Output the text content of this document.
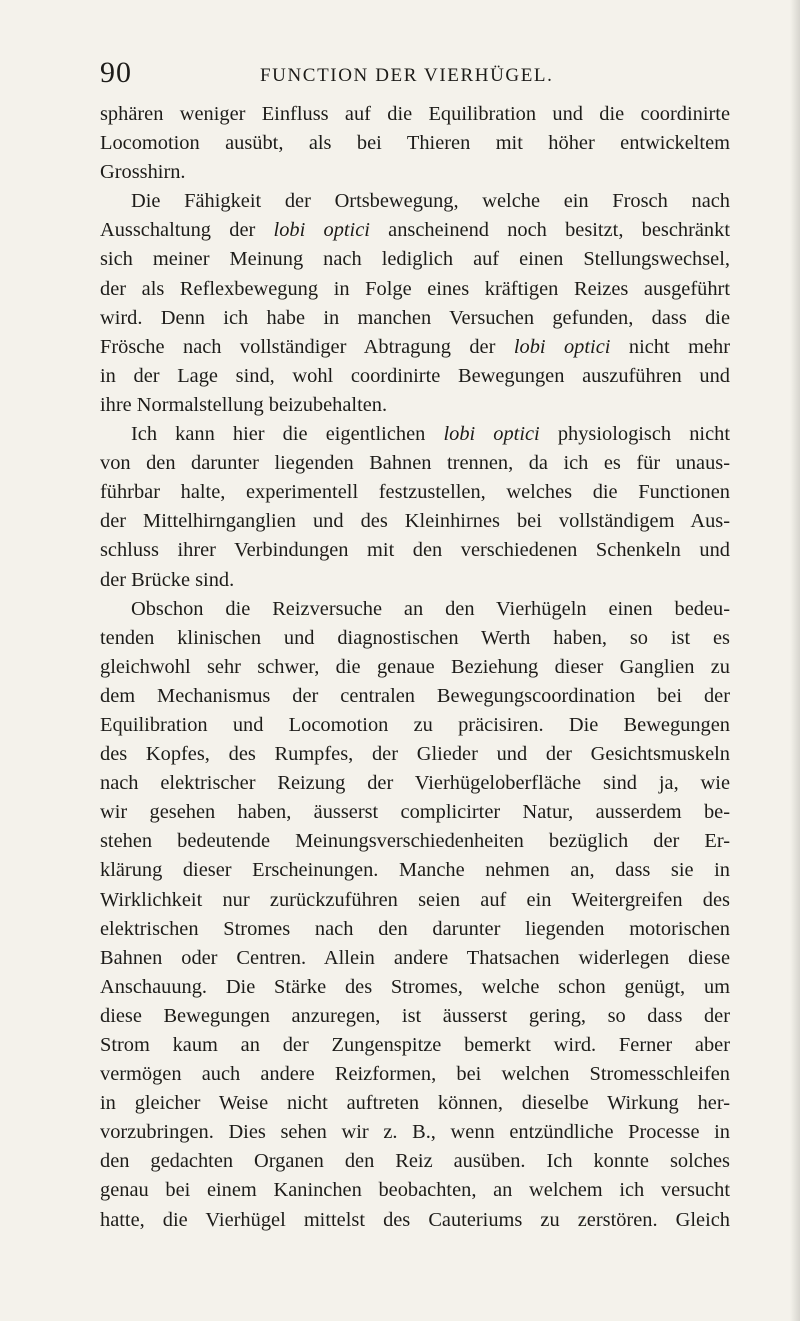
90	FUNCTION DER VIERHÜGEL.
sphären weniger Einfluss auf die Equilibration und die coordinirte
Locomotion ausübt, als bei Thieren mit höher entwickeltem
Grosshirn.
Die Fähigkeit der Ortsbewegung, welche ein Frosch nach
Ausschaltung der lobi optici anscheinend noch besitzt, beschränkt
sich meiner Meinung nach lediglich auf einen Stellungswechsel,
der als Reflexbewegung in Folge eines kräftigen Reizes ausgeführt
wird. Denn ich habe in manchen Versuchen gefunden, dass die
Frösche nach vollständiger Abtragung der lobi optici nicht mehr
in der Lage sind, wohl coordinirte Bewegungen auszuführen und
ihre Normalstellung beizubehalten.
Ich kann hier die eigentlichen lobi optici physiologisch nicht
von den darunter liegenden Bahnen trennen, da ich es für unaus-
führbar halte, experimentell festzustellen, welches die Functionen
der Mittelhirnganglien und des Kleinhirnes bei vollständigem Aus-
schluss ihrer Verbindungen mit den verschiedenen Schenkeln und
der Brücke sind.
Obschon die Reizversuche an den Vierhügeln einen bedeu-
tenden klinischen und diagnostischen Werth haben, so ist es
gleichwohl sehr schwer, die genaue Beziehung dieser Ganglien zu
dem Mechanismus der centralen Bewegungscoordination bei der
Equilibration und Locomotion zu präcisiren. Die Bewegungen
des Kopfes, des Rumpfes, der Glieder und der Gesichtsmuskeln
nach elektrischer Reizung der Vierhügeloberfläche sind ja, wie
wir gesehen haben, äusserst complicirter Natur, ausserdem be-
stehen bedeutende Meinungsverschiedenheiten bezüglich der Er-
klärung dieser Erscheinungen. Manche nehmen an, dass sie in
Wirklichkeit nur zurückzuführen seien auf ein Weitergreifen des
elektrischen Stromes nach den darunter liegenden motorischen
Bahnen oder Centren. Allein andere Thatsachen widerlegen diese
Anschauung. Die Stärke des Stromes, welche schon genügt, um
diese Bewegungen anzuregen, ist äusserst gering, so dass der
Strom kaum an der Zungenspitze bemerkt wird. Ferner aber
vermögen auch andere Reizformen, bei welchen Stromesschleifen
in gleicher Weise nicht auftreten können, dieselbe Wirkung her-
vorzubringen. Dies sehen wir z. B., wenn entzündliche Processe in
den gedachten Organen den Reiz ausüben. Ich konnte solches
genau bei einem Kaninchen beobachten, an welchem ich versucht
hatte, die Vierhügel mittelst des Cauteriums zu zerstören. Gleich
